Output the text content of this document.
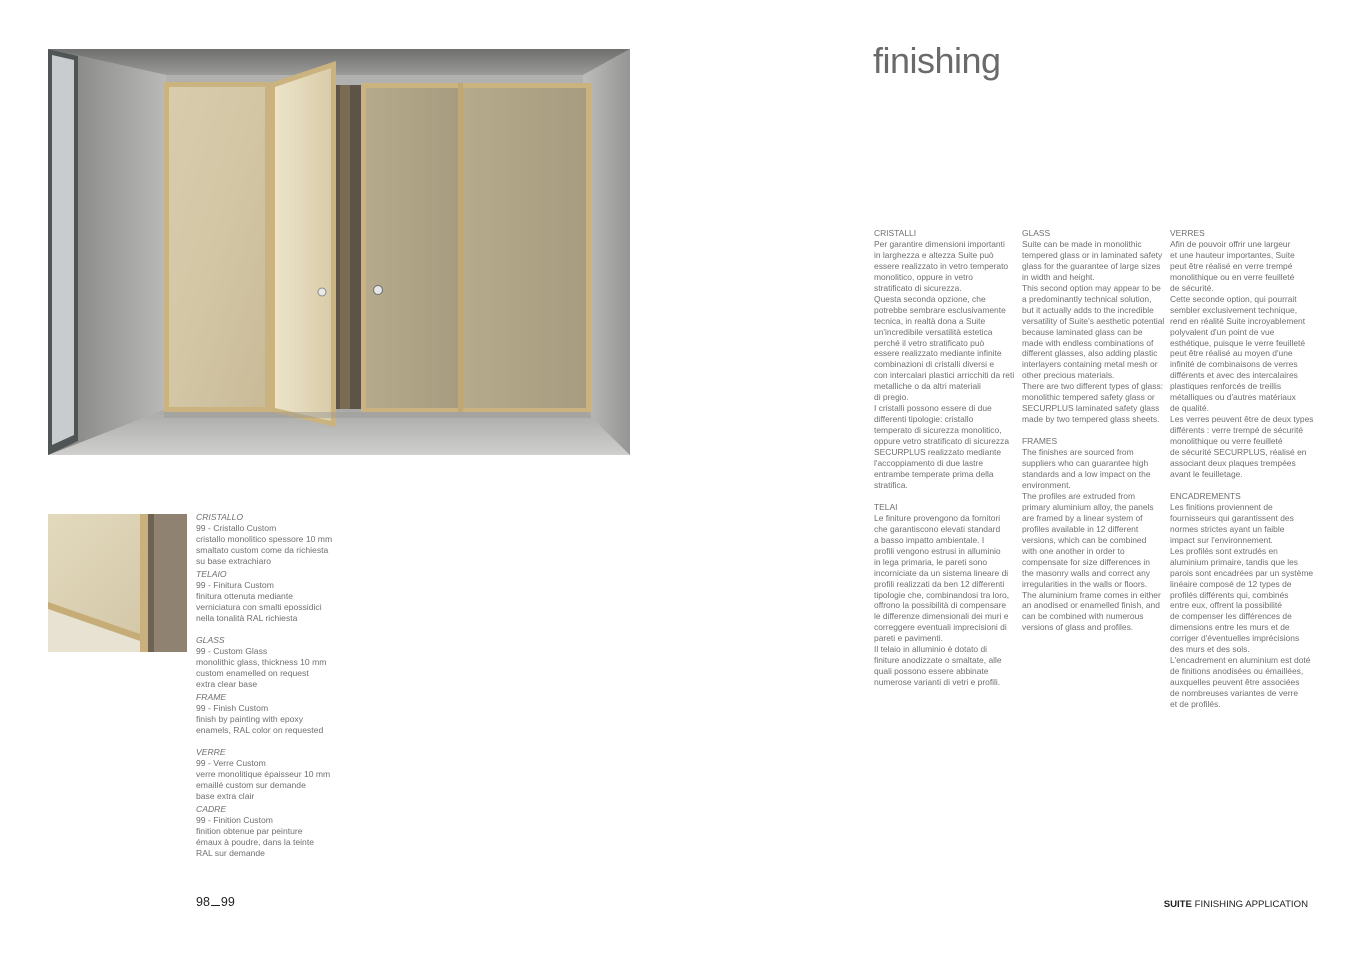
CRISTALLO
99 - Cristallo Custom
cristallo monolitico spessore 10 mm
smaltato custom come da richiesta
su base extrachiaro
TELAIO
99 - Finitura Custom
finitura ottenuta mediante
verniciatura con smalti epossidici
nella tonalità RAL richiesta
GLASS
99 - Custom Glass
monolithic glass, thickness 10 mm
custom enamelled on request
extra clear base
FRAME
99 - Finish Custom
finish by painting with epoxy
enamels, RAL color on requested
VERRE
99 - Verre Custom
verre monolitique épaisseur 10 mm
emaillé custom sur demande
base extra clair
CADRE
99 - Finition Custom
finition obtenue par peinture
émaux à poudre, dans la teinte
RAL sur demande
98 99	SUITE FINISHING APPLICATION
finishing
CRISTALLI
Per garantire dimensioni importanti
in larghezza e altezza Suite può
essere realizzato in vetro temperato
monolitico, oppure in vetro
stratificato di sicurezza.
Questa seconda opzione, che
potrebbe sembrare esclusivamente
tecnica, in realtà dona a Suite
un'incredibile versatilità estetica
perché il vetro stratificato può
essere realizzato mediante infinite
combinazioni di cristalli diversi e
con intercalari plastici arricchiti da reti
metalliche o da altri materiali
di pregio.
I cristalli possono essere di due
differenti tipologie: cristallo
temperato di sicurezza monolitico,
oppure vetro stratificato di sicurezza
SECURPLUS realizzato mediante
l'accoppiamento di due lastre
entrambe temperate prima della
stratifica.
TELAI
Le finiture provengono da fornitori
che garantiscono elevati standard
a basso impatto ambientale. I
profili vengono estrusi in alluminio
in lega primaria, le pareti sono
incorniciate da un sistema lineare di
profili realizzati da ben 12 differenti
tipologie che, combinandosi tra loro,
offrono la possibilità di compensare
le differenze dimensionali dei muri e
correggere eventuali imprecisioni di
pareti e pavimenti.
Il telaio in alluminio è dotato di
finiture anodizzate o smaltate, alle
quali possono essere abbinate
numerose varianti di vetri e profili.
GLASS
Suite can be made in monolithic
tempered glass or in laminated safety
glass for the guarantee of large sizes
in width and height.
This second option may appear to be
a predominantly technical solution,
but it actually adds to the incredible
versatility of Suite's aesthetic potential
because laminated glass can be
made with endless combinations of
different glasses, also adding plastic
interlayers containing metal mesh or
other precious materials.
There are two different types of glass:
monolithic tempered safety glass or
SECURPLUS laminated safety glass
made by two tempered glass sheets.
FRAMES
The finishes are sourced from
suppliers who can guarantee high
standards and a low impact on the
environment.
The profiles are extruded from
primary aluminium alloy, the panels
are framed by a linear system of
profiles available in 12 different
versions, which can be combined
with one another in order to
compensate for size differences in
the masonry walls and correct any
irregularities in the walls or floors.
The aluminium frame comes in either
an anodised or enamelled finish, and
can be combined with numerous
versions of glass and profiles.
VERRES
Afin de pouvoir offrir une largeur
et une hauteur importantes, Suite
peut être réalisé en verre trempé
monolithique ou en verre feuilleté
de sécurité.
Cette seconde option, qui pourrait
sembler exclusivement technique,
rend en réalité Suite incroyablement
polyvalent d'un point de vue
esthétique, puisque le verre feuilleté
peut être réalisé au moyen d'une
infinité de combinaisons de verres
différents et avec des intercalaires
plastiques renforcés de treillis
métalliques ou d'autres matériaux
de qualité.
Les verres peuvent être de deux types
différents : verre trempé de sécurité
monolithique ou verre feuilleté
de sécurité SECURPLUS, réalisé en
associant deux plaques trempées
avant le feuilletage.
ENCADREMENTS
Les finitions proviennent de
fournisseurs qui garantissent des
normes strictes ayant un faible
impact sur l'environnement.
Les profilés sont extrudés en
aluminium primaire, tandis que les
parois sont encadrées par un système
linéaire composé de 12 types de
profilés différents qui, combinés
entre eux, offrent la possibilité
de compenser les différences de
dimensions entre les murs et de
corriger d'éventuelles imprécisions
des murs et des sols.
L'encadrement en aluminium est doté
de finitions anodisées ou émaillées,
auxquelles peuvent être associées
de nombreuses variantes de verre
et de profilés.
